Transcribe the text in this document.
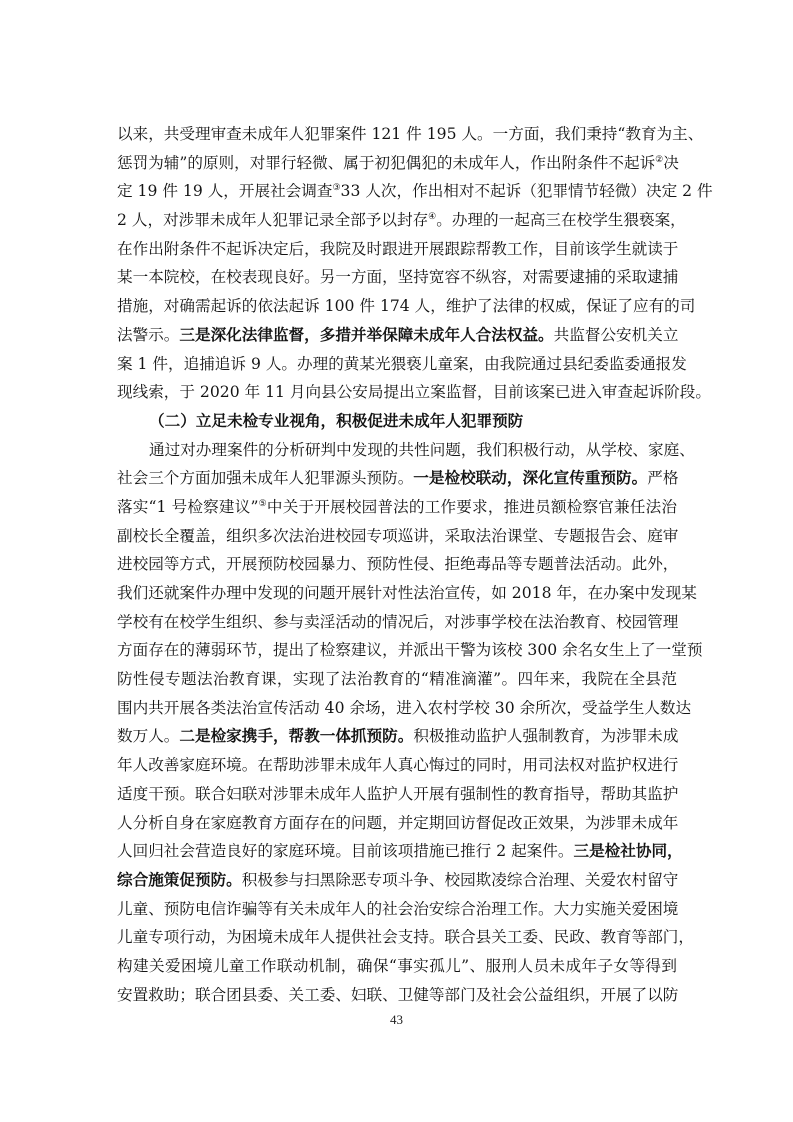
以来，共受理审查未成年人犯罪案件 121 件 195 人。一方面，我们秉持“教育为主、
惩罚为辅”的原则，对罪行轻微、属于初犯偶犯的未成年人，作出附条件不起诉②决
定 19 件 19 人，开展社会调查③33 人次，作出相对不起诉（犯罪情节轻微）决定 2 件
2 人，对涉罪未成年人犯罪记录全部予以封存④。办理的一起高三在校学生猥亵案，
在作出附条件不起诉决定后，我院及时跟进开展跟踪帮教工作，目前该学生就读于
某一本院校，在校表现良好。另一方面，坚持宽容不纵容，对需要逮捕的采取逮捕
措施，对确需起诉的依法起诉 100 件 174 人，维护了法律的权威，保证了应有的司
法警示。三是深化法律监督，多措并举保障未成年人合法权益。共监督公安机关立
案 1 件，追捕追诉 9 人。办理的黄某光猥亵儿童案，由我院通过县纪委监委通报发
现线索，于 2020 年 11 月向县公安局提出立案监督，目前该案已进入审查起诉阶段。
（二）立足未检专业视角，积极促进未成年人犯罪预防
通过对办理案件的分析研判中发现的共性问题，我们积极行动，从学校、家庭、
社会三个方面加强未成年人犯罪源头预防。一是检校联动，深化宣传重预防。严格
落实“1 号检察建议”⑤中关于开展校园普法的工作要求，推进员额检察官兼任法治
副校长全覆盖，组织多次法治进校园专项巡讲，采取法治课堂、专题报告会、庭审
进校园等方式，开展预防校园暴力、预防性侵、拒绝毒品等专题普法活动。此外，
我们还就案件办理中发现的问题开展针对性法治宣传，如 2018 年，在办案中发现某
学校有在校学生组织、参与卖淫活动的情况后，对涉事学校在法治教育、校园管理
方面存在的薄弱环节，提出了检察建议，并派出干警为该校 300 余名女生上了一堂预
防性侵专题法治教育课，实现了法治教育的“精准滴灌”。四年来，我院在全县范
围内共开展各类法治宣传活动 40 余场，进入农村学校 30 余所次，受益学生人数达
数万人。二是检家携手，帮教一体抓预防。积极推动监护人强制教育，为涉罪未成
年人改善家庭环境。在帮助涉罪未成年人真心悔过的同时，用司法权对监护权进行
适度干预。联合妇联对涉罪未成年人监护人开展有强制性的教育指导，帮助其监护
人分析自身在家庭教育方面存在的问题，并定期回访督促改正效果，为涉罪未成年
人回归社会营造良好的家庭环境。目前该项措施已推行 2 起案件。三是检社协同，
综合施策促预防。积极参与扫黑除恶专项斗争、校园欺凌综合治理、关爱农村留守
儿童、预防电信诈骗等有关未成年人的社会治安综合治理工作。大力实施关爱困境
儿童专项行动，为困境未成年人提供社会支持。联合县关工委、民政、教育等部门，
构建关爱困境儿童工作联动机制，确保“事实孤儿”、服刑人员未成年子女等得到
安置救助；联合团县委、关工委、妇联、卫健等部门及社会公益组织，开展了以防
43
